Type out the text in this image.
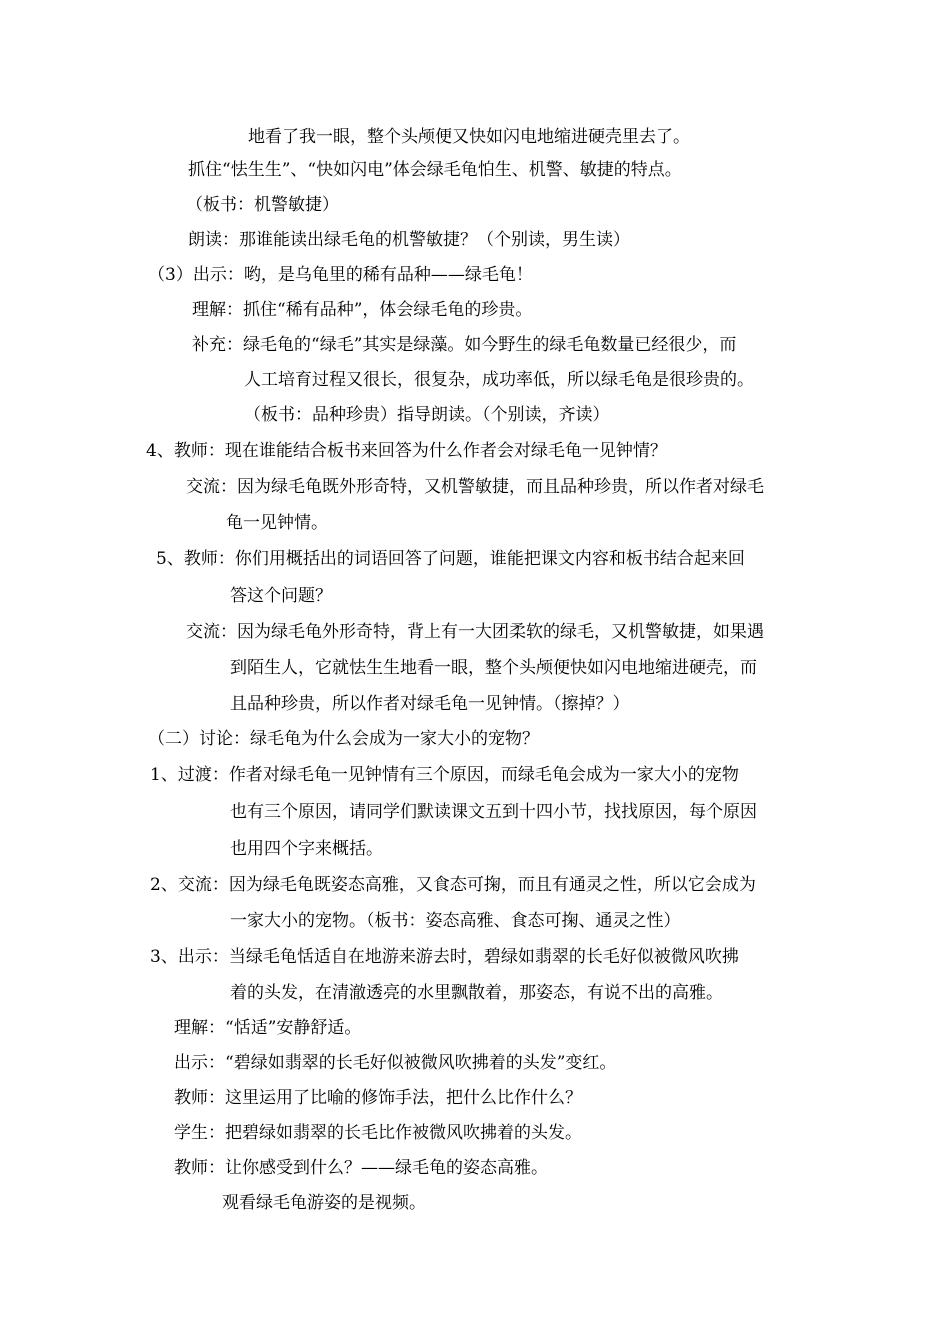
地看了我一眼，整个头颅便又快如闪电地缩进硬壳里去了。
抓住“怯生生”、“快如闪电”体会绿毛龟怕生、机警、敏捷的特点。
（板书：机警敏捷）
朗读：那谁能读出绿毛龟的机警敏捷？（个别读，男生读）
（3）出示：哟，是乌龟里的稀有品种——绿毛龟！
理解：抓住“稀有品种”，体会绿毛龟的珍贵。
补充：绿毛龟的“绿毛”其实是绿藻。如今野生的绿毛龟数量已经很少，而
人工培育过程又很长，很复杂，成功率低，所以绿毛龟是很珍贵的。
（板书：品种珍贵）指导朗读。（个别读，齐读）
4、教师：现在谁能结合板书来回答为什么作者会对绿毛龟一见钟情？
交流：因为绿毛龟既外形奇特，又机警敏捷，而且品种珍贵，所以作者对绿毛
龟一见钟情。
5、教师：你们用概括出的词语回答了问题，谁能把课文内容和板书结合起来回
答这个问题？
交流：因为绿毛龟外形奇特，背上有一大团柔软的绿毛，又机警敏捷，如果遇
到陌生人，它就怯生生地看一眼，整个头颅便快如闪电地缩进硬壳，而
且品种珍贵，所以作者对绿毛龟一见钟情。（擦掉？）
（二）讨论：绿毛龟为什么会成为一家大小的宠物？
1、过渡：作者对绿毛龟一见钟情有三个原因，而绿毛龟会成为一家大小的宠物
也有三个原因，请同学们默读课文五到十四小节，找找原因，每个原因
也用四个字来概括。
2、交流：因为绿毛龟既姿态高雅，又食态可掬，而且有通灵之性，所以它会成为
一家大小的宠物。（板书：姿态高雅、食态可掬、通灵之性）
3、出示：当绿毛龟恬适自在地游来游去时，碧绿如翡翠的长毛好似被微风吹拂
着的头发，在清澈透亮的水里飘散着，那姿态，有说不出的高雅。
理解：“恬适”安静舒适。
出示：“碧绿如翡翠的长毛好似被微风吹拂着的头发”变红。
教师：这里运用了比喻的修饰手法，把什么比作什么？
学生：把碧绿如翡翠的长毛比作被微风吹拂着的头发。
教师：让你感受到什么？——绿毛龟的姿态高雅。
观看绿毛龟游姿的是视频。
